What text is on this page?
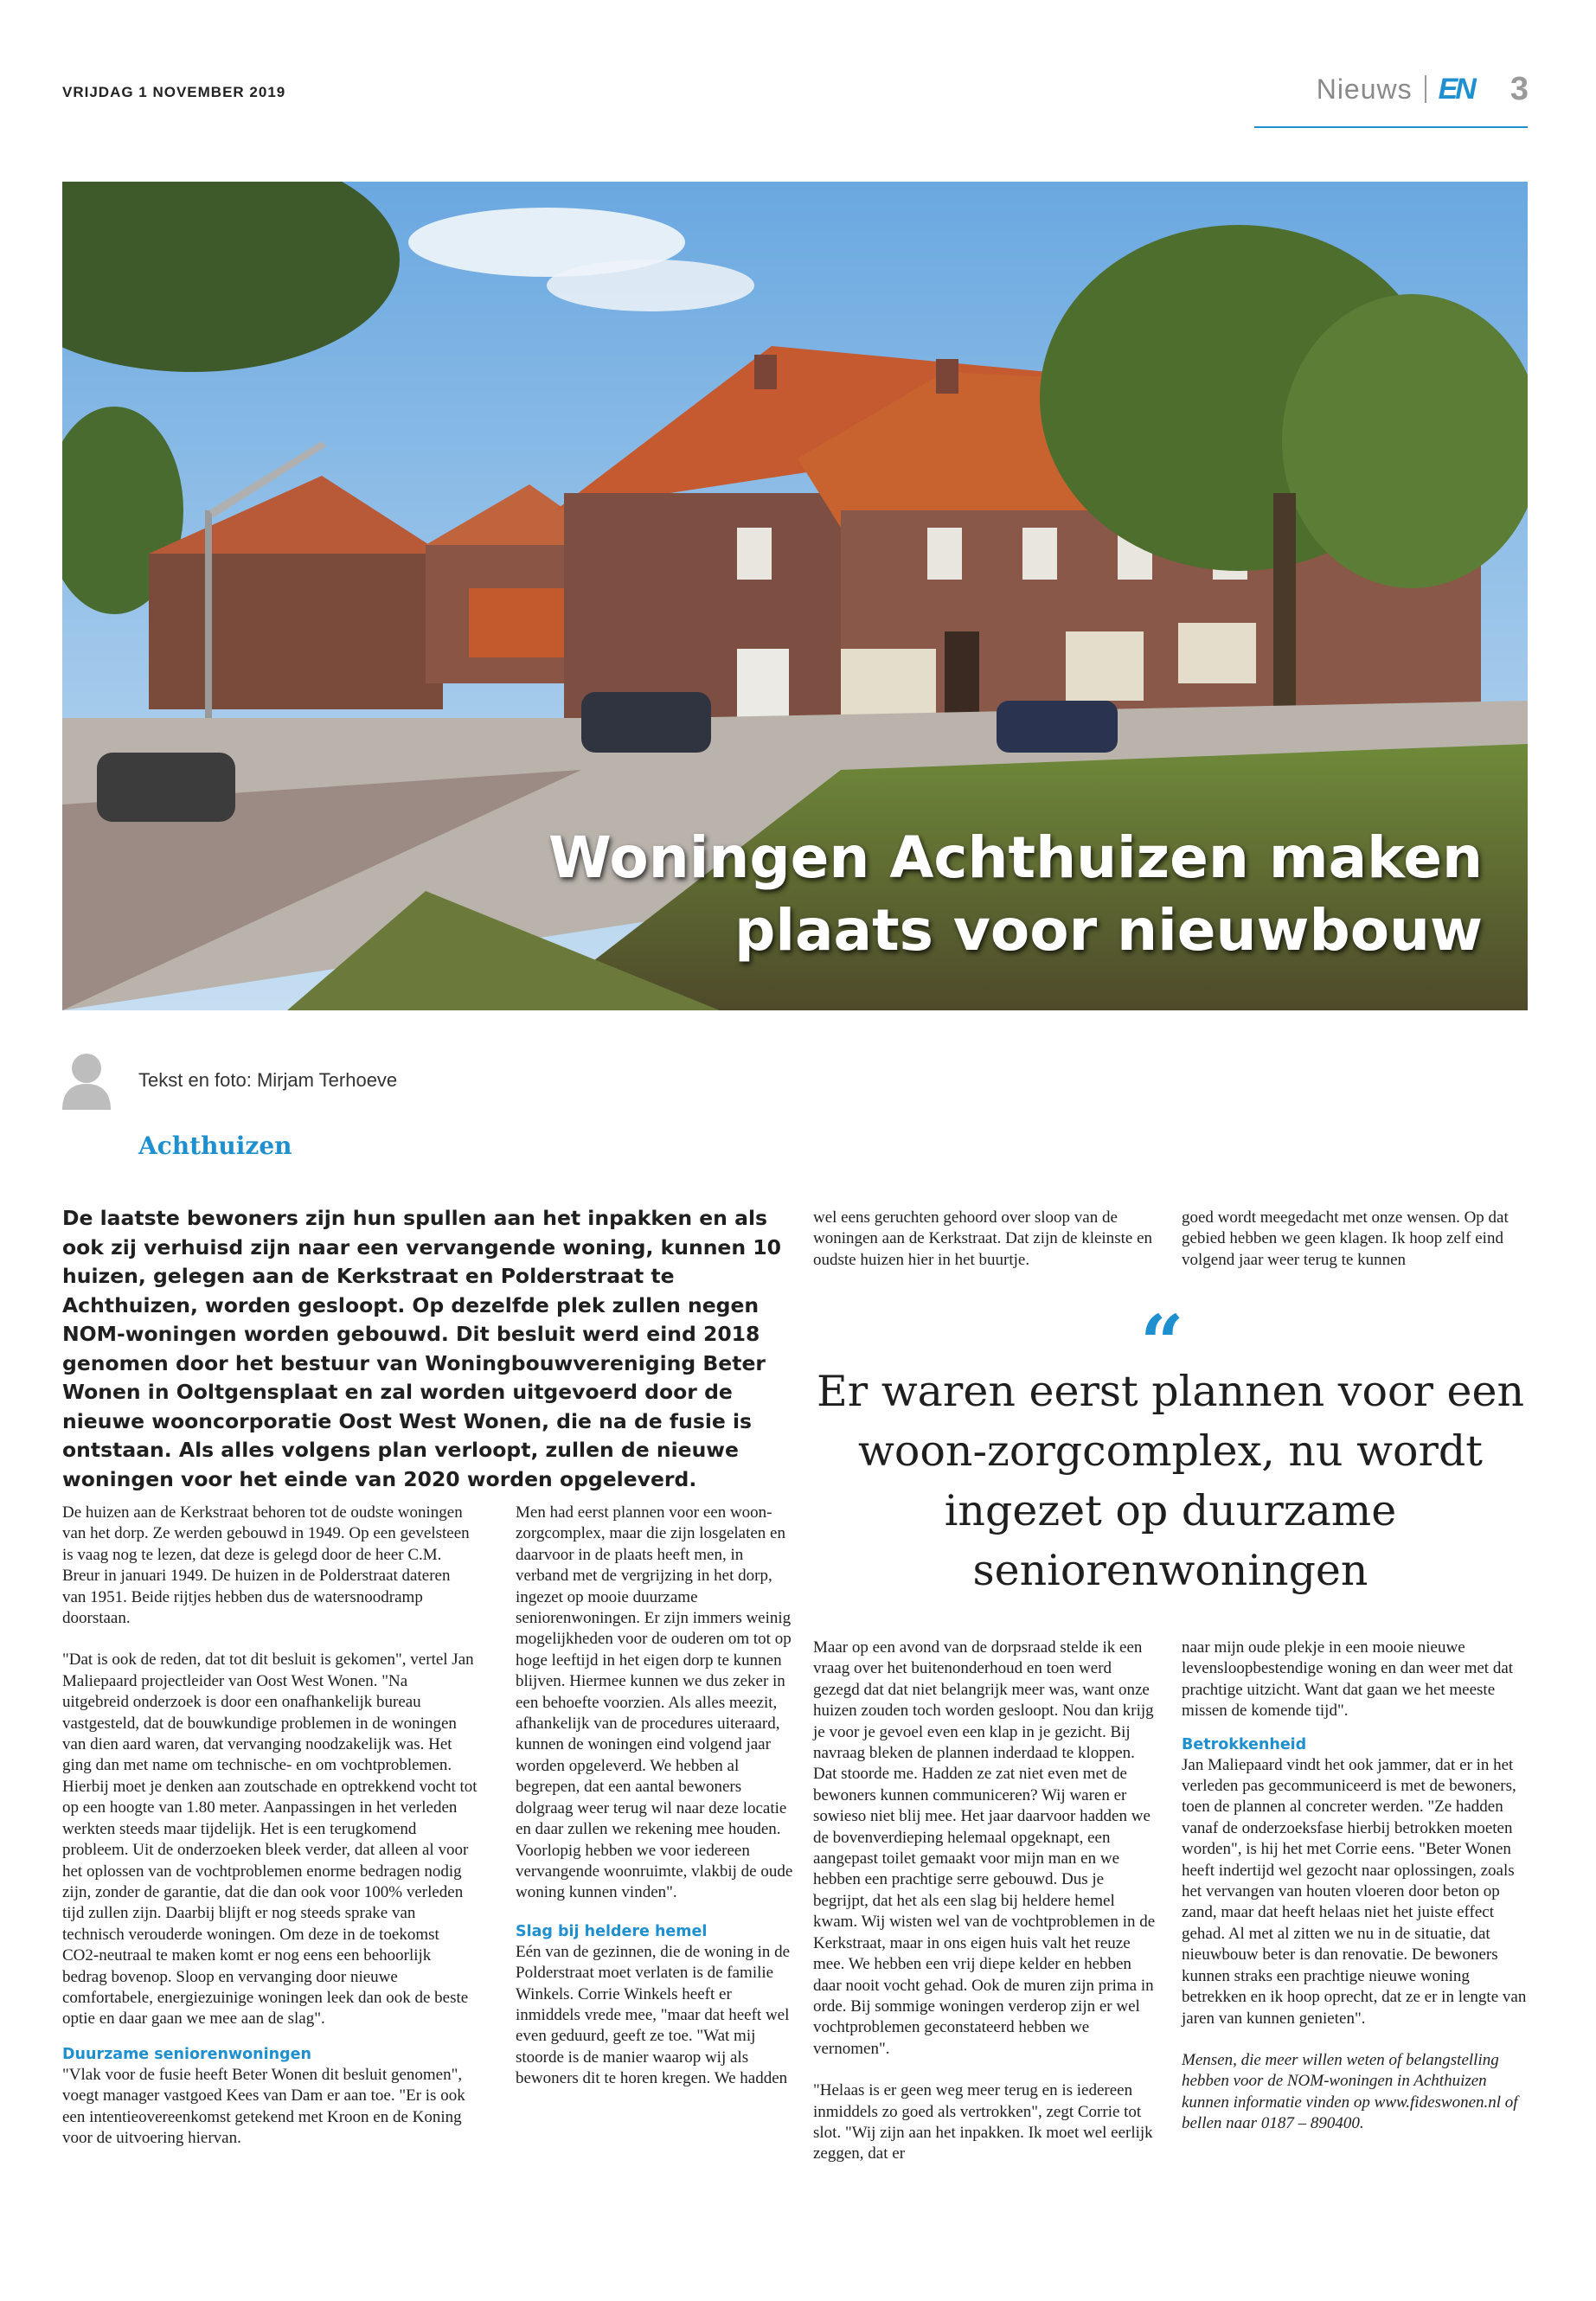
VRIJDAG 1 NOVEMBER 2019	Nieuws EN 3
Woningen Achthuizen maken
plaats voor nieuwbouw
Tekst en foto: Mirjam Terhoeve
Achthuizen
De laatste bewoners zijn hun spullen aan het inpakken en als ook zij verhuisd zijn naar een vervangende woning, kunnen 10 huizen, gelegen aan de Kerkstraat en Polderstraat te Achthuizen, worden gesloopt. Op dezelfde plek zullen negen NOM-woningen worden gebouwd. Dit besluit werd eind 2018 genomen door het bestuur van Woningbouwvereniging Beter Wonen in Ooltgensplaat en zal worden uitgevoerd door de nieuwe wooncorporatie Oost West Wonen, die na de fusie is ontstaan. Als alles volgens plan verloopt, zullen de nieuwe woningen voor het einde van 2020 worden opgeleverd.

De huizen aan de Kerkstraat behoren tot de oudste woningen van het dorp. Ze werden gebouwd in 1949. Op een gevelsteen is vaag nog te lezen, dat deze is gelegd door de heer C.M. Breur in januari 1949. De huizen in de Polderstraat dateren van 1951. Beide rijtjes hebben dus de watersnoodramp doorstaan.

"Dat is ook de reden, dat tot dit besluit is gekomen", vertel Jan Maliepaard projectleider van Oost West Wonen. "Na uitgebreid onderzoek is door een onafhankelijk bureau vastgesteld, dat de bouwkundige problemen in de woningen van dien aard waren, dat vervanging noodzakelijk was. Het ging dan met name om technische- en om vochtproblemen. Hierbij moet je denken aan zoutschade en optrekkend vocht tot op een hoogte van 1.80 meter. Aanpassingen in het verleden werkten steeds maar tijdelijk. Het is een terugkomend probleem. Uit de onderzoeken bleek verder, dat alleen al voor het oplossen van de vochtproblemen enorme bedragen nodig zijn, zonder de garantie, dat die dan ook voor 100% verleden tijd zullen zijn. Daarbij blijft er nog steeds sprake van technisch verouderde woningen. Om deze in de toekomst CO2-neutraal te maken komt er nog eens een behoorlijk bedrag bovenop. Sloop en vervanging door nieuwe comfortabele, energiezuinige woningen leek dan ook de beste optie en daar gaan we mee aan de slag".

Duurzame seniorenwoningen

"Vlak voor de fusie heeft Beter Wonen dit besluit genomen", voegt manager vastgoed Kees van Dam er aan toe. "Er is ook een intentieovereenkomst getekend met Kroon en de Koning voor de uitvoering hiervan.

Men had eerst plannen voor een woon-zorgcomplex, maar die zijn losgelaten en daarvoor in de plaats heeft men, in verband met de vergrijzing in het dorp, ingezet op mooie duurzame seniorenwoningen. Er zijn immers weinig mogelijkheden voor de ouderen om tot op hoge leeftijd in het eigen dorp te kunnen blijven. Hiermee kunnen we dus zeker in een behoefte voorzien. Als alles meezit, afhankelijk van de procedures uiteraard, kunnen de woningen eind volgend jaar worden opgeleverd. We hebben al begrepen, dat een aantal bewoners dolgraag weer terug wil naar deze locatie en daar zullen we rekening mee houden. Voorlopig hebben we voor iedereen vervangende woonruimte, vlakbij de oude woning kunnen vinden".

Slag bij heldere hemel

Eén van de gezinnen, die de woning in de Polderstraat moet verlaten is de familie Winkels. Corrie Winkels heeft er inmiddels vrede mee, "maar dat heeft wel even geduurd, geeft ze toe. "Wat mij stoorde is de manier waarop wij als bewoners dit te horen kregen. We hadden

wel eens geruchten gehoord over sloop van de woningen aan de Kerkstraat. Dat zijn de kleinste en oudste huizen hier in het buurtje.

goed wordt meegedacht met onze wensen. Op dat gebied hebben we geen klagen. Ik hoop zelf eind volgend jaar weer terug te kunnen

“
Er waren eerst plannen voor een woon-zorgcomplex, nu wordt ingezet op duurzame seniorenwoningen

Maar op een avond van de dorpsraad stelde ik een vraag over het buitenonderhoud en toen werd gezegd dat dat niet belangrijk meer was, want onze huizen zouden toch worden gesloopt. Nou dan krijg je voor je gevoel even een klap in je gezicht. Bij navraag bleken de plannen inderdaad te kloppen. Dat stoorde me. Hadden ze zat niet even met de bewoners kunnen communiceren? Wij waren er sowieso niet blij mee. Het jaar daarvoor hadden we de bovenverdieping helemaal opgeknapt, een aangepast toilet gemaakt voor mijn man en we hebben een prachtige serre gebouwd. Dus je begrijpt, dat het als een slag bij heldere hemel kwam. Wij wisten wel van de vochtproblemen in de Kerkstraat, maar in ons eigen huis valt het reuze mee. We hebben een vrij diepe kelder en hebben daar nooit vocht gehad. Ook de muren zijn prima in orde. Bij sommige woningen verderop zijn er wel vochtproblemen geconstateerd hebben we vernomen".

"Helaas is er geen weg meer terug en is iedereen inmiddels zo goed als vertrokken", zegt Corrie tot slot. "Wij zijn aan het inpakken. Ik moet wel eerlijk zeggen, dat er

naar mijn oude plekje in een mooie nieuwe levensloopbestendige woning en dan weer met dat prachtige uitzicht. Want dat gaan we het meeste missen de komende tijd".

Betrokkenheid

Jan Maliepaard vindt het ook jammer, dat er in het verleden pas gecommuniceerd is met de bewoners, toen de plannen al concreter werden. "Ze hadden vanaf de onderzoeksfase hierbij betrokken moeten worden", is hij het met Corrie eens. "Beter Wonen heeft indertijd wel gezocht naar oplossingen, zoals het vervangen van houten vloeren door beton op zand, maar dat heeft helaas niet het juiste effect gehad. Al met al zitten we nu in de situatie, dat nieuwbouw beter is dan renovatie. De bewoners kunnen straks een prachtige nieuwe woning betrekken en ik hoop oprecht, dat ze er in lengte van jaren van kunnen genieten".

Mensen, die meer willen weten of belangstelling hebben voor de NOM-woningen in Achthuizen kunnen informatie vinden op www.fideswonen.nl of bellen naar 0187 – 890400.
